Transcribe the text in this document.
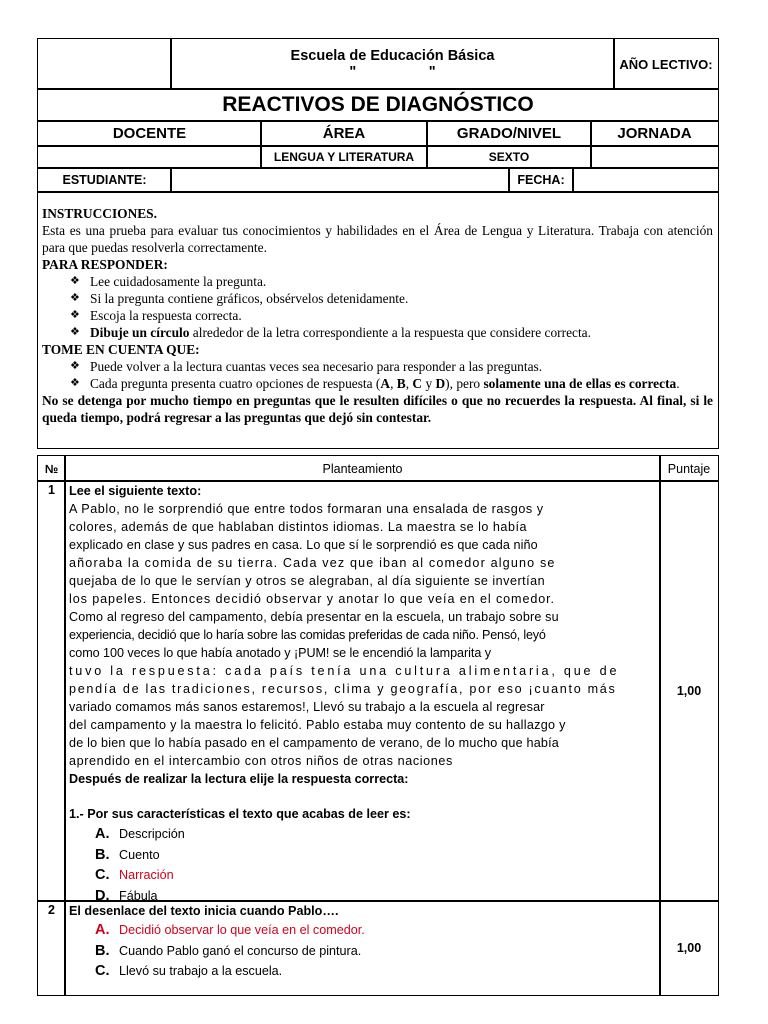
Escuela de Educación Básica
"                  "	AÑO LECTIVO:
REACTIVOS DE DIAGNÓSTICO
DOCENTE	ÁREA	GRADO/NIVEL	JORNADA
LENGUA Y LITERATURA	SEXTO
ESTUDIANTE:	FECHA:

INSTRUCCIONES.

Esta es una prueba para evaluar tus conocimientos y habilidades en el Área de Lengua y Literatura. Trabaja con atención para que puedas resolverla correctamente.

PARA RESPONDER:

❖ Lee cuidadosamente la pregunta.
❖ Si la pregunta contiene gráficos, obsérvelos detenidamente.
❖ Escoja la respuesta correcta.
❖ Dibuje un círculo alrededor de la letra correspondiente a la respuesta que considere correcta.

TOME EN CUENTA QUE:

❖ Puede volver a la lectura cuantas veces sea necesario para responder a las preguntas.
❖ Cada pregunta presenta cuatro opciones de respuesta (A, B, C y D), pero solamente una de ellas es correcta.

No se detenga por mucho tiempo en preguntas que le resulten difíciles o que no recuerdes la respuesta. Al final, si le queda tiempo, podrá regresar a las preguntas que dejó sin contestar.

№	Planteamiento	Puntaje
1	Lee el siguiente texto:
A Pablo, no le sorprendió que entre todos formaran una ensalada de rasgos y
colores, además de que hablaban distintos idiomas. La maestra se lo había
explicado en clase y sus padres en casa. Lo que sí le sorprendió es que cada niño
añoraba la comida de su tierra. Cada vez que iban al comedor alguno se
quejaba de lo que le servían y otros se alegraban, al día siguiente se invertían
los papeles. Entonces decidió observar y anotar lo que veía en el comedor.
Como al regreso del campamento, debía presentar en la escuela, un trabajo sobre su
experiencia, decidió que lo haría sobre las comidas preferidas de cada niño. Pensó, leyó
como 100 veces lo que había anotado y ¡PUM! se le encendió la lamparita y
tuvo la respuesta: cada país tenía una cultura alimentaria, que de
pendía de las tradiciones, recursos, clima y geografía, por eso ¡cuanto más
variado comamos más sanos estaremos!, Llevó su trabajo a la escuela al regresar
del campamento y la maestra lo felicitó. Pablo estaba muy contento de su hallazgo y
de lo bien que lo había pasado en el campamento de verano, de lo mucho que había
aprendido en el intercambio con otros niños de otras naciones
Después de realizar la lectura elije la respuesta correcta:
1.- Por sus características el texto que acabas de leer es:
A. Descripción
B. Cuento
C. Narración
D. Fábula
1,00
2	El desenlace del texto inicia cuando Pablo….
A. Decidió observar lo que veía en el comedor.
B. Cuando Pablo ganó el concurso de pintura.
C. Llevó su trabajo a la escuela.
1,00
